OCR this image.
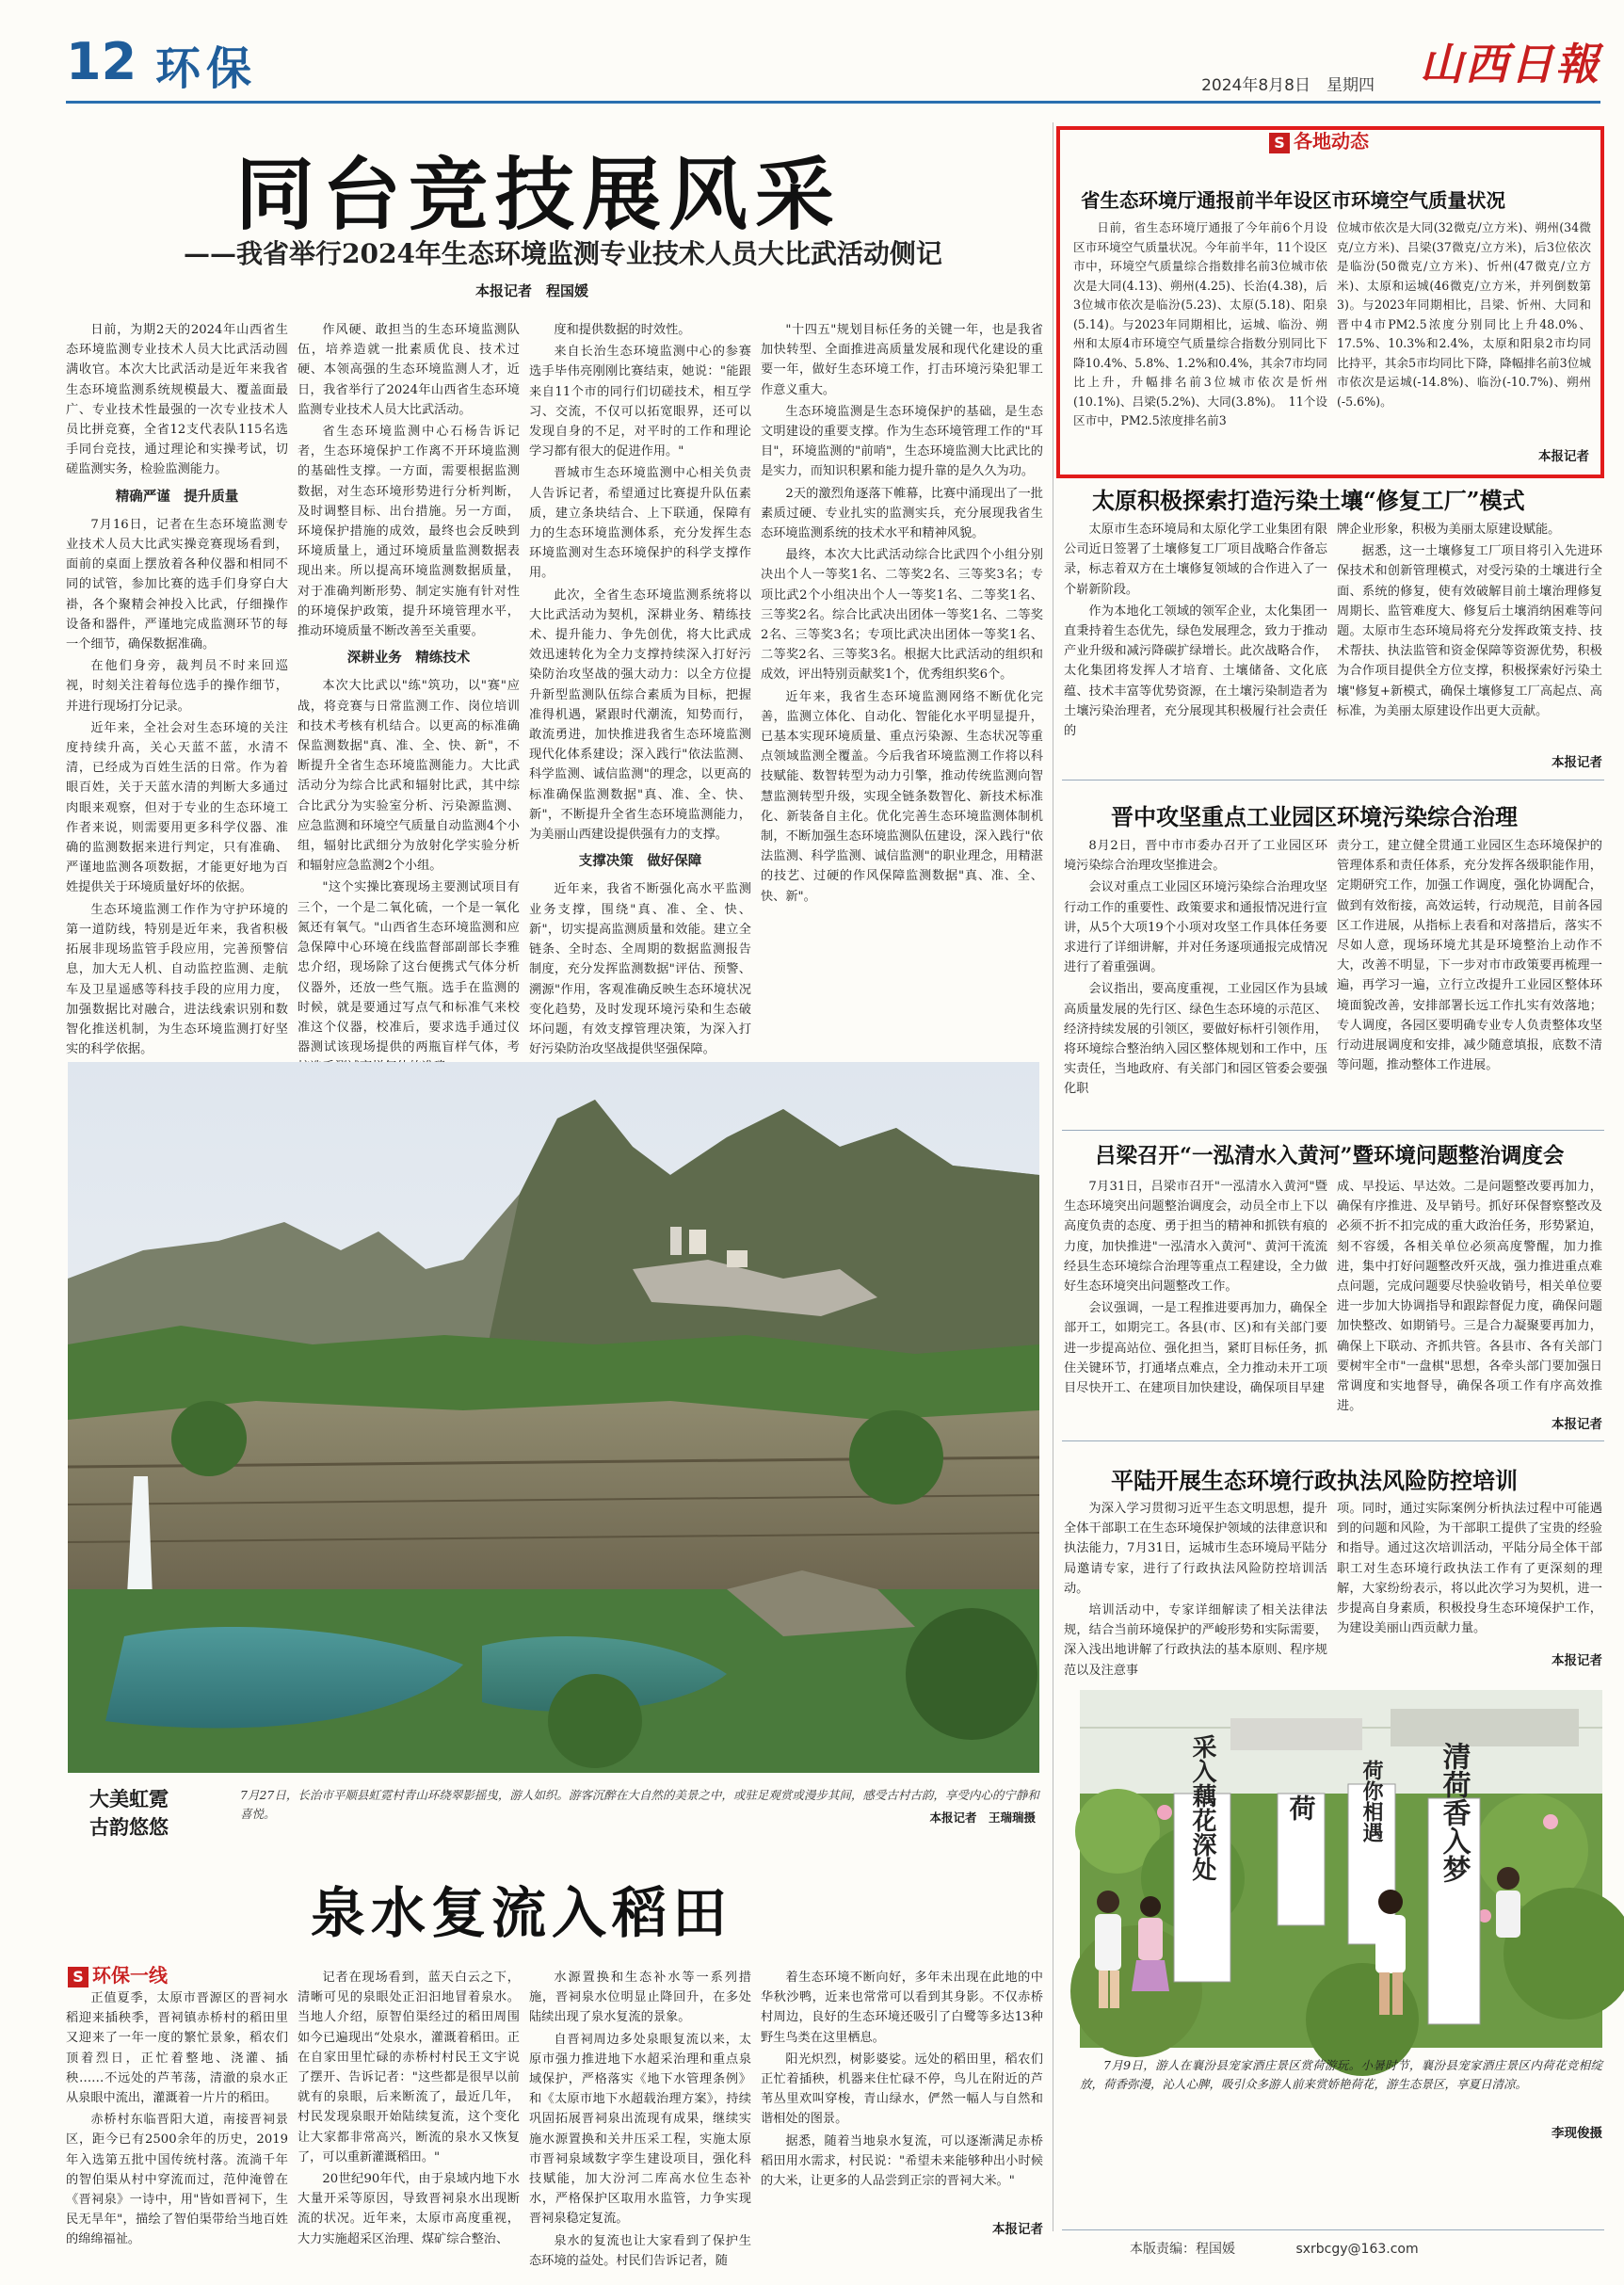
12 环保	2024年8月8日　星期四 山西日報
同台竞技展风采
——我省举行2024年生态环境监测专业技术人员大比武活动侧记
本报记者　程国媛

日前，为期2天的2024年山西省生态环境监测专业技术人员大比武活动圆满收官。本次大比武活动是近年来我省生态环境监测系统规模最大、覆盖面最广、专业技术性最强的一次专业技术人员比拼竞赛，全省12支代表队115名选手同台竞技，通过理论和实操考试，切磋监测实务，检验监测能力。

精确严谨　提升质量

7月16日，记者在生态环境监测专业技术人员大比武实操竞赛现场看到，面前的桌面上摆放着各种仪器和相同不同的试管，参加比赛的选手们身穿白大褂，各个聚精会神投入比武，仔细操作设备和器件，严谨地完成监测环节的每一个细节，确保数据准确。

在他们身旁，裁判员不时来回巡视，时刻关注着每位选手的操作细节，并进行现场打分记录。

近年来，全社会对生态环境的关注度持续升高，关心天蓝不蓝，水清不清，已经成为百姓生活的日常。作为着眼百姓，关于天蓝水清的判断大多通过肉眼来观察，但对于专业的生态环境工作者来说，则需要用更多科学仪器、准确的监测数据来进行判定，只有准确、严谨地监测各项数据，才能更好地为百姓提供关于环境质量好坏的依据。

生态环境监测工作作为守护环境的第一道防线，特别是近年来，我省积极拓展非现场监管手段应用，完善预警信息，加大无人机、自动监控监测、走航车及卫星遥感等科技手段的应用力度，加强数据比对融合，进法线索识别和数智化推送机制，为生态环境监测打好坚实的科学依据。

作风硬、敢担当的生态环境监测队伍，培养造就一批素质优良、技术过硬、本领高强的生态环境监测人才，近日，我省举行了2024年山西省生态环境监测专业技术人员大比武活动。

省生态环境监测中心石杨告诉记者，生态环境保护工作离不开环境监测的基础性支撑。一方面，需要根据监测数据，对生态环境形势进行分析判断，及时调整目标、出台措施。另一方面，环境保护措施的成效，最终也会反映到环境质量上，通过环境质量监测数据表现出来。所以提高环境监测数据质量，对于准确判断形势、制定实施有针对性的环境保护政策，提升环境管理水平，推动环境质量不断改善至关重要。

深耕业务　精练技术

本次大比武以"练"筑功，以"赛"应战，将竞赛与日常监测工作、岗位培训和技术考核有机结合。以更高的标准确保监测数据"真、准、全、快、新"，不断提升全省生态环境监测能力。大比武活动分为综合比武和辐射比武，其中综合比武分为实验室分析、污染源监测、应急监测和环境空气质量自动监测4个小组，辐射比武细分为放射化学实验分析和辐射应急监测2个小组。

"这个实操比赛现场主要测试项目有三个，一个是二氧化硫，一个是一氧化氮还有氧气。"山西省生态环境监测和应急保障中心环境在线监督部副部长李雅忠介绍，现场除了这台便携式气体分析仪器外，还放一些气瓶。选手在监测的时候，就是要通过写点气和标准气来校准这个仪器，校准后，要求选手通过仪器测试该现场提供的两瓶盲样气体，考

度和提供数据的时效性。

来自长治生态环境监测中心的参赛选手毕伟亮刚刚比赛结束，她说："能跟来自11个市的同行们切磋技术，相互学习、交流，不仅可以拓宽眼界，还可以发现自身的不足，对平时的工作和理论学习都有很大的促进作用。"

晋城市生态环境监测中心相关负责人告诉记者，希望通过比赛提升队伍素质，建立条块结合、上下联通，保障有力的生态环境监测体系，充分发挥生态环境监测对生态环境保护的科学支撑作用。

此次，全省生态环境监测系统将以大比武活动为契机，深耕业务、精练技术、提升能力、争先创优，将大比武成效迅速转化为全力支撑持续深入打好污染防治攻坚战的强大动力：以全方位提升新型监测队伍综合素质为目标，把握准得机遇，紧跟时代潮流，知势而行，敢流勇进，加快推进我省生态环境监测现代化体系建设；深入践行"依法监测、科学监测、诚信监测"的理念，以更高的标准确保监测数据"真、准、全、快、新"，不断提升全省生态环境监测能力，为美丽山西建设提供强有力的支撑。

支撑决策　做好保障

近年来，我省不断强化高水平监测业务支撑，围绕"真、准、全、快、新"，切实提高监测质量和效能。建立全链条、全时态、全周期的数据监测报告制度，充分发挥监测数据"评估、预警、溯源"作用，客观准确反映生态环境状况变化趋势，及时发现环境污染和生态破坏问题，有效支撑管理决策，为深入打好污染防治攻坚战提供坚强保障。

"十四五"规划目标任务的关键一年，也是我省加快转型、全面推进高质量发展和现代化建设的重要一年，做好生态环境工作，打击环境污染犯罪工作意义重大。

生态环境监测是生态环境保护的基础，是生态文明建设的重要支撑。作为生态环境管理工作的"耳目"，环境监测的"前哨"，生态环境监测大比武比的是实力，而知识积累和能力提升靠的是久久为功。

2天的激烈角逐落下帷幕，比赛中涌现出了一批素质过硬、专业扎实的监测实兵，充分展现我省生态环境监测系统的技术水平和精神风貌。

最终，本次大比武活动综合比武四个小组分别决出个人一等奖1名、二等奖2名、三等奖3名；专项比武2个小组决出个人一等奖1名、二等奖1名、三等奖2名。综合比武决出团体一等奖1名、二等奖2名、三等奖3名；专项比武决出团体一等奖1名、二等奖2名、三等奖3名。根据大比武活动的组织和成效，评出特别贡献奖1个，优秀组织奖6个。

近年来，我省生态环境监测网络不断优化完善，监测立体化、自动化、智能化水平明显提升，已基本实现环境质量、重点污染源、生态状况等重点领域监测全覆盖。今后我省环境监测工作将以科技赋能、数智转型为动力引擎，推动传统监测向智慧监测转型升级，实现全链条数智化、新技术标准化、新装备自主化。优化完善生态环境监测体制机制，不断加强生态环境监测队伍建设，深入践行"依法监测、科学监测、诚信监测"的职业理念，用精湛的技艺、过硬的作风保障监测数据"真、准、全、快、新"。

大美虹霓
古韵悠悠
7月27日，长治市平顺县虹霓村青山环绕翠影摇曳，游人如织。游客沉醉在大自然的美景之中，或驻足观赏或漫步其间，感受古村古韵，享受内心的宁静和喜悦。	本报记者　王瑞瑞摄
泉水复流入稻田
S 环保一线

正值夏季，太原市晋源区的晋祠水稻迎来插秧季，晋祠镇赤桥村的稻田里又迎来了一年一度的繁忙景象，稻农们顶着烈日，正忙着整地、浇灌、插秧……不远处的芦苇荡，清澈的泉水正从泉眼中流出，灌溉着一片片的稻田。

赤桥村东临晋阳大道，南接晋祠景区，距今已有2500余年的历史，2019年入选第五批中国传统村落。流淌千年的智伯渠从村中穿流而过，范仲淹曾在《晋祠泉》一诗中，用"皆如晋祠下，生民无旱年"，描绘了智伯渠带给当地百姓的绵绵福祉。

记者在现场看到，蓝天白云之下，清晰可见的泉眼处正汩汩地冒着泉水。当地人介绍，原智伯渠经过的稻田周围如今已遍现出“处泉水，灌溉着稻田。正在自家田里忙碌的赤桥村村民王文宇说了摆开、告诉记者："这些都是很早以前就有的泉眼，后来断流了，最近几年，村民发现泉眼开始陆续复流，这个变化让大家都非常高兴，断流的泉水又恢复了，可以重新灌溉稻田。"

20世纪90年代，由于泉域内地下水大量开采等原因，导致晋祠泉水出现断流的状况。近年来，太原市高度重视，大力实施超采区治理、煤矿综合整治、

水源置换和生态补水等一系列措施，晋祠泉水位明显止降回升，在多处陆续出现了泉水复流的景象。

自晋祠周边多处泉眼复流以来，太原市强力推进地下水超采治理和重点泉域保护，严格落实《地下水管理条例》和《太原市地下水超载治理方案》，持续巩固拓展晋祠泉出流现有成果，继续实施水源置换和关井压采工程，实施太原市晋祠泉域数字孪生建设项目，强化科技赋能，加大汾河二库高水位生态补水，严格保护区取用水监管，力争实现晋祠泉稳定复流。

泉水的复流也让大家看到了保护生态环境的益处。村民们告诉记者，随

着生态环境不断向好，多年未出现在此地的中华秋沙鸭，近来也常常可以看到其身影。不仅赤桥村周边，良好的生态环境还吸引了白鹭等多达13种野生鸟类在这里栖息。

阳光炽烈，树影婆娑。远处的稻田里，稻农们正忙着插秧，机器来住忙碌不停，鸟儿在附近的芦苇丛里欢叫穿梭，青山绿水，俨然一幅人与自然和谐相处的图景。

据悉，随着当地泉水复流，可以逐渐满足赤桥稻田用水需求，村民说："希望未来能够种出小时候的大米，让更多的人品尝到正宗的晋祠大米。"

本报记者
S 各地动态
省生态环境厅通报前半年设区市环境空气质量状况

日前，省生态环境厅通报了今年前6个月设区市环境空气质量状况。今年前半年，11个设区市中，环境空气质量综合指数排名前3位城市依次是大同(4.13)、朔州(4.25)、长治(4.38)，后3位城市依次是临汾(5.23)、太原(5.18)、阳泉(5.14)。与2023年同期相比，运城、临汾、朔州和太原4市环境空气质量综合指数分别同比下降10.4%、5.8%、1.2%和0.4%，其余7市均同比上升，升幅排名前3位城市依次是忻州(10.1%)、吕梁(5.2%)、大同(3.8%)。　11个设区市中，PM2.5浓度排名前3

位城市依次是大同(32微克/立方米)、朔州(34微克/立方米)、吕梁(37微克/立方米)，后3位依次是临汾(50微克/立方米)、忻州(47微克/立方米)、太原和运城(46微克/立方米，并列倒数第3)。与2023年同期相比，吕梁、忻州、大同和晋中4市PM2.5浓度分别同比上升48.0%、17.5%、10.3%和2.4%，太原和阳泉2市均同比持平，其余5市均同比下降，降幅排名前3位城市依次是运城(-14.8%)、临汾(-10.7%)、朔州(-5.6%)。

本报记者
太原积极探索打造污染土壤“修复工厂”模式

太原市生态环境局和太原化学工业集团有限公司近日签署了土壤修复工厂项目战略合作备忘录，标志着双方在土壤修复领域的合作进入了一个崭新阶段。

作为本地化工领域的领军企业，太化集团一直秉持着生态优先，绿色发展理念，致力于推动产业升级和减污降碳扩绿增长。此次战略合作，太化集团将发挥人才培育、土壤储备、文化底蕴、技术丰富等优势资源，在土壤污染制造者为土壤污染治理者，充分展现其积极履行社会责任的

牌企业形象，积极为美丽太原建设赋能。

据悉，这一土壤修复工厂项目将引入先进环保技术和创新管理模式，对受污染的土壤进行全面、系统的修复，使有效破解目前土壤治理修复周期长、监管难度大、修复后土壤消纳困难等问题。太原市生态环境局将充分发挥政策支持、技术帮扶、执法监管和资金保障等资源优势，积极为合作项目提供全方位支撑，积极探索好污染土壤"修复+新模式，确保土壤修复工厂高起点、高标准，为美丽太原建设作出更大贡献。

本报记者
晋中攻坚重点工业园区环境污染综合治理

8月2日，晋中市市委办召开了工业园区环境污染综合治理攻坚推进会。

会议对重点工业园区环境污染综合治理攻坚行动工作的重要性、政策要求和通报情况进行宣讲，从5个大项19个小项对攻坚工作具体任务要求进行了详细讲解，并对任务逐项通报完成情况进行了着重强调。

会议指出，要高度重视，工业园区作为县域高质量发展的先行区、绿色生态环境的示范区、经济持续发展的引领区，要做好标杆引领作用，将环境综合整治纳入园区整体规划和工作中，压实责任，当地政府、有关部门和园区管委会要强化职

责分工，建立健全贯通工业园区生态环境保护的管理体系和责任体系，充分发挥各级职能作用，定期研究工作，加强工作调度，强化协调配合，做到有效衔接，高效运转，行动规范，目前各园区工作进展，从指标上表看和对落措后，落实不尽如人意，现场环境尤其是环境整治上动作不大，改善不明显，下一步对市市政策要再梳理一遍，再学习一遍，立行立改提升工业园区整体环境面貌改善，安排部署长远工作扎实有效落地；专人调度，各园区要明确专业专人负责整体攻坚行动进展调度和安排，减少随意填报，底数不清等问题，推动整体工作进展。

吕梁召开“一泓清水入黄河”暨环境问题整治调度会

7月31日，吕梁市召开"一泓清水入黄河"暨生态环境突出问题整治调度会，动员全市上下以高度负责的态度、勇于担当的精神和抓铁有痕的力度，加快推进"一泓清水入黄河"、黄河干流流经县生态环境综合治理等重点工程建设，全力做好生态环境突出问题整改工作。

会议强调，一是工程推进要再加力，确保全部开工，如期完工。各县(市、区)和有关部门要进一步提高站位、强化担当，紧盯目标任务，抓住关键环节，打通堵点难点，全力推动未开工项目尽快开工、在建项目加快建设，确保项目早建

成、早投运、早达效。二是问题整改要再加力，确保有序推进、及早销号。抓好环保督察整改及必须不折不扣完成的重大政治任务，形势紧迫，刻不容缓，各相关单位必须高度警醒，加力推进，集中打好问题整改歼灭战，强力推进重点难点问题，完成问题要尽快验收销号，相关单位要进一步加大协调指导和跟踪督促力度，确保问题加快整改、如期销号。三是合力凝聚要再加力，确保上下联动、齐抓共管。各县市、各有关部门要树牢全市"一盘棋"思想，各牵头部门要加强日常调度和实地督导，确保各项工作有序高效推进。

本报记者
平陆开展生态环境行政执法风险防控培训

为深入学习贯彻习近平生态文明思想，提升全体干部职工在生态环境保护领域的法律意识和执法能力，7月31日，运城市生态环境局平陆分局邀请专家，进行了行政执法风险防控培训活动。

培训活动中，专家详细解读了相关法律法规，结合当前环境保护的严峻形势和实际需要，深入浅出地讲解了行政执法的基本原则、程序规范以及注意事

项。同时，通过实际案例分析执法过程中可能遇到的问题和风险，为干部职工提供了宝贵的经验和指导。通过这次培训活动，平陆分局全体干部职工对生态环境行政执法工作有了更深刻的理解，大家纷纷表示，将以此次学习为契机，进一步提高自身素质，积极投身生态环境保护工作，为建设美丽山西贡献力量。

本报记者
采入藕花深处	荷 荷你相遇 清荷香入梦

7月9日，游人在襄汾县宠家酒庄景区赏荷游玩。小暑时节，襄汾县宠家酒庄景区内荷花竞相绽放，荷香弥漫，沁人心脾，吸引众多游人前来赏娇艳荷花，游生态景区，享夏日清凉。

李现俊摄
本版责编：程国媛	sxrbcgy@163.com
